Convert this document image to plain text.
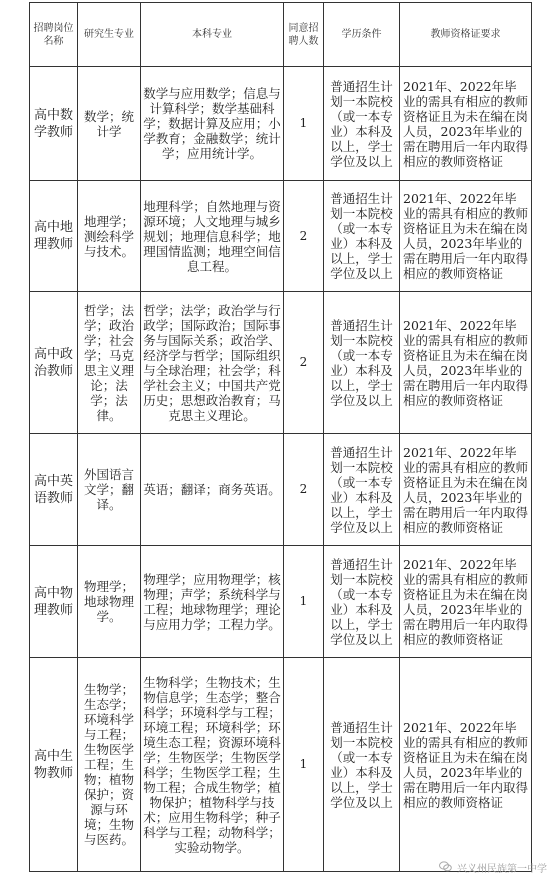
招聘岗位名称	研究生专业	本科专业	同意招聘人数	学历条件	教师资格证要求
高中数学教师	数学；统计学	数学与应用数学；信息与计算科学；数学基础科学；数据计算及应用；小学教育；金融数学；统计学；应用统计学。	1	普通招生计划一本院校（或一本专业）本科及以上，学士学位及以上	2021年、2022年毕业的需具有相应的教师资格证且为未在编在岗人员，2023年毕业的需在聘用后一年内取得相应的教师资格证
高中地理教师	地理学；测绘科学与技术。	地理科学；自然地理与资源环境；人文地理与城乡规划；地理信息科学；地理国情监测；地理空间信息工程。	2	普通招生计划一本院校（或一本专业）本科及以上，学士学位及以上	2021年、2022年毕业的需具有相应的教师资格证且为未在编在岗人员，2023年毕业的需在聘用后一年内取得相应的教师资格证
高中政治教师	哲学；法学；政治学；社会学；马克思主义理论；法学；法律。	哲学；法学；政治学与行政学；国际政治；国际事务与国际关系；政治学、经济学与哲学；国际组织与全球治理；社会学；科学社会主义；中国共产党历史；思想政治教育；马克思主义理论。	2	普通招生计划一本院校（或一本专业）本科及以上，学士学位及以上	2021年、2022年毕业的需具有相应的教师资格证且为未在编在岗人员，2023年毕业的需在聘用后一年内取得相应的教师资格证
高中英语教师	外国语言文学；翻译。	英语；翻译；商务英语。	2	普通招生计划一本院校（或一本专业）本科及以上，学士学位及以上	2021年、2022年毕业的需具有相应的教师资格证且为未在编在岗人员，2023年毕业的需在聘用后一年内取得相应的教师资格证
高中物理教师	物理学；地球物理学。	物理学；应用物理学；核物理；声学；系统科学与工程；地球物理学；理论与应用力学；工程力学。	1	普通招生计划一本院校（或一本专业）本科及以上，学士学位及以上	2021年、2022年毕业的需具有相应的教师资格证且为未在编在岗人员，2023年毕业的需在聘用后一年内取得相应的教师资格证
高中生物教师	生物学；生态学；环境科学与工程；生物医学工程；生物；植物保护；资源与环境；生物与医药。	生物科学；生物技术；生物信息学；生态学；整合科学；环境科学与工程；环境工程；环境科学；环境生态工程；资源环境科学；生物医学；生物医学科学；生物医学工程；生物工程；合成生物学；植物保护；植物科学与技术；应用生物科学；种子科学与工程；动物科学；实验动物学。	1	普通招生计划一本院校（或一本专业）本科及以上，学士学位及以上	2021年、2022年毕业的需具有相应的教师资格证且为未在编在岗人员，2023年毕业的需在聘用后一年内取得相应的教师资格证
兴义州民族第一中学
